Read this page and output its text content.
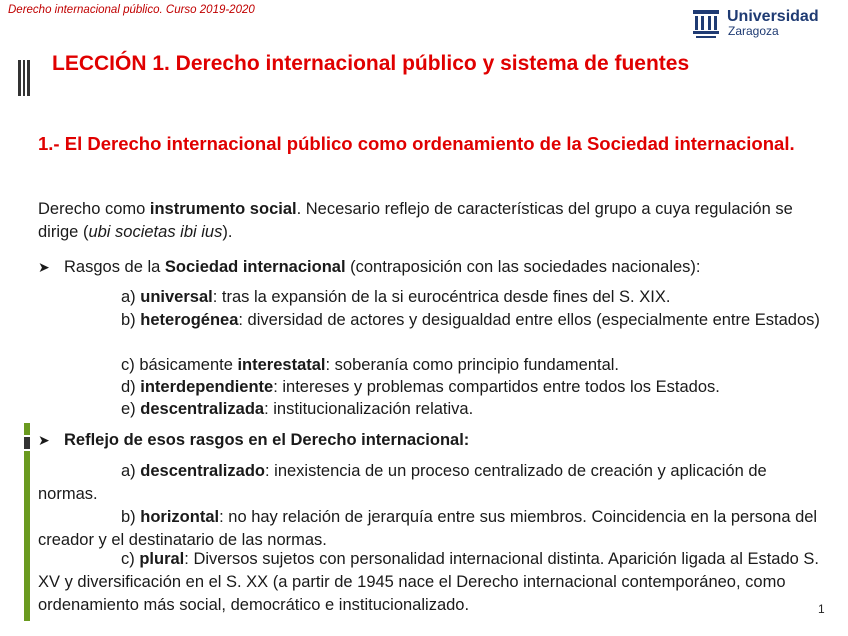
Derecho internacional público. Curso 2019-2020	Universidad
Zaragoza
LECCIÓN 1. Derecho internacional público y sistema de fuentes
1.- El Derecho internacional público como ordenamiento de la Sociedad internacional.
Derecho como instrumento social. Necesario reflejo de características del grupo a cuya regulación se dirige (ubi societas ibi ius).
➤ Rasgos de la Sociedad internacional (contraposición con las sociedades nacionales):
a) universal: tras la expansión de la si eurocéntrica desde fines del S. XIX.
b) heterogénea: diversidad de actores y desigualdad entre ellos (especialmente entre Estados)
c) básicamente interestatal: soberanía como principio fundamental.
d) interdependiente: intereses y problemas compartidos entre todos los Estados.
e) descentralizada: institucionalización relativa.
➤ Reflejo de esos rasgos en el Derecho internacional:
a) descentralizado: inexistencia de un proceso centralizado de creación y aplicación de normas.
b) horizontal: no hay relación de jerarquía entre sus miembros. Coincidencia en la persona del creador y el destinatario de las normas.
c) plural: Diversos sujetos con personalidad internacional distinta. Aparición ligada al Estado S. XV y diversificación en el S. XX (a partir de 1945 nace el Derecho internacional contemporáneo, como ordenamiento más social, democrático e institucionalizado.	1
